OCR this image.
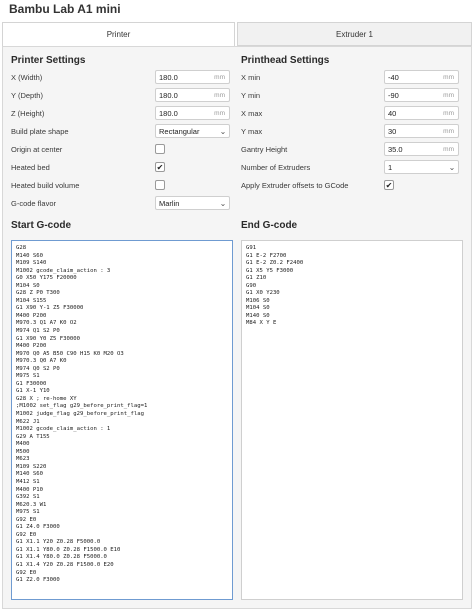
Bambu Lab A1 mini
Printer	Extruder 1
Printer Settings
X (Width)	180.0	mm
Y (Depth)	180.0	mm
Z (Height)	180.0	mm
Build plate shape	Rectangular	⌄
Origin at center
Heated bed	✔
Heated build volume
G-code flavor	Marlin	⌄
Start G-code
G28
M140 S60
M109 S140
M1002 gcode_claim_action : 3
G0 X50 Y175 F20000
M104 S0
G28 Z P0 T300
M104 S155
G1 X90 Y-1 Z5 F30000
M400 P200
M970.3 Q1 A7 K0 O2
M974 Q1 S2 P0
G1 X90 Y0 Z5 F30000
M400 P200
M970 Q0 A5 B50 C90 H15 K0 M20 O3
M970.3 Q0 A7 K0
M974 Q0 S2 P0
M975 S1
G1 F30000
G1 X-1 Y10
G28 X ; re-home XY
;M1002 set_flag g29_before_print_flag=1
M1002 judge_flag g29_before_print_flag
M622 J1
M1002 gcode_claim_action : 1
G29 A T155
M400
M500
M623
M109 S220
M140 S60
M412 S1
M400 P10
G392 S1
M620.3 W1
M975 S1
G92 E0
G1 Z4.0 F3000
G92 E0
G1 X1.1 Y20 Z0.28 F5000.0
G1 X1.1 Y80.0 Z0.28 F1500.0 E10
G1 X1.4 Y80.0 Z0.28 F5000.0
G1 X1.4 Y20 Z0.28 F1500.0 E20
G92 E0
G1 Z2.0 F3000
Printhead Settings
X min	-40	mm
Y min	-90	mm
X max	40	mm
Y max	30	mm
Gantry Height	35.0	mm
Number of Extruders	1	⌄
Apply Extruder offsets to GCode	✔
End G-code
G91
G1 E-2 F2700
G1 E-2 Z0.2 F2400
G1 X5 Y5 F3000
G1 Z10
G90
G1 X0 Y230
M106 S0
M104 S0
M140 S0
M84 X Y E
